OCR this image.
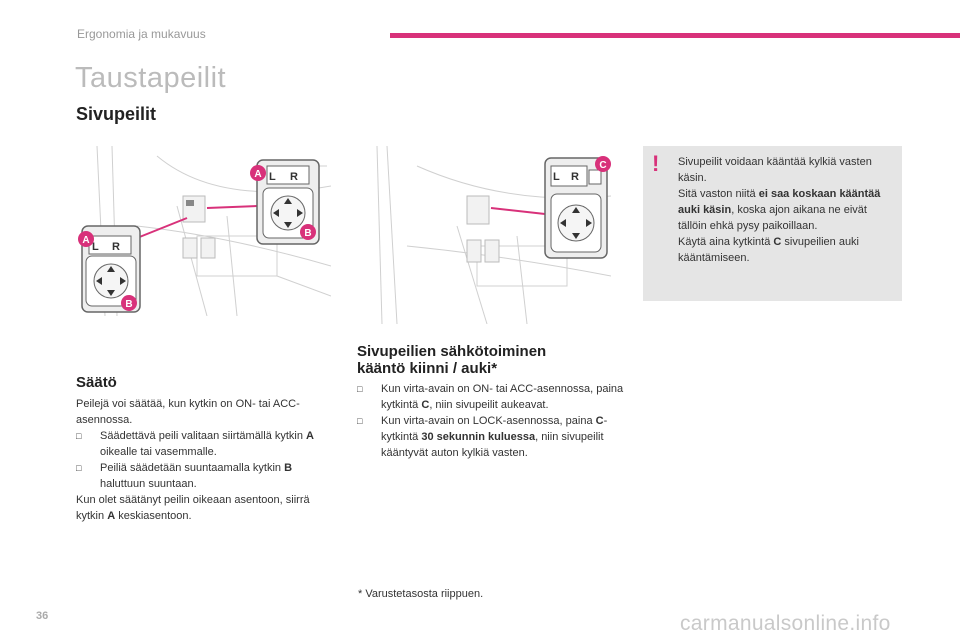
Ergonomia ja mukavuus
Taustapeilit
Sivupeilit
L R
L R
A
B
A
B
L R
C ! Sivupeilit voidaan kääntää kylkiä vasten käsin.
Sitä vaston niitä ei saa koskaan kääntää auki käsin, koska ajon aikana ne eivät tällöin ehkä pysy paikoillaan.
Käytä aina kytkintä C sivupeilien auki kääntämiseen.
Säätö
Peilejä voi säätää, kun kytkin on ON- tai ACC-asennossa.
□ Säädettävä peili valitaan siirtämällä kytkin A oikealle tai vasemmalle.
□ Peiliä säädetään suuntaamalla kytkin B haluttuun suuntaan.
Kun olet säätänyt peilin oikeaan asentoon, siirrä kytkin A keskiasentoon.
Sivupeilien sähkötoiminen
kääntö kiinni / auki*
□ Kun virta-avain on ON- tai ACC-asennossa, paina kytkintä C, niin sivupeilit aukeavat.
□ Kun virta-avain on LOCK-asennossa, paina C-kytkintä 30 sekunnin kuluessa, niin sivupeilit kääntyvät auton kylkiä vasten.
* Varustetasosta riippuen.
36	carmanualsonline.info
